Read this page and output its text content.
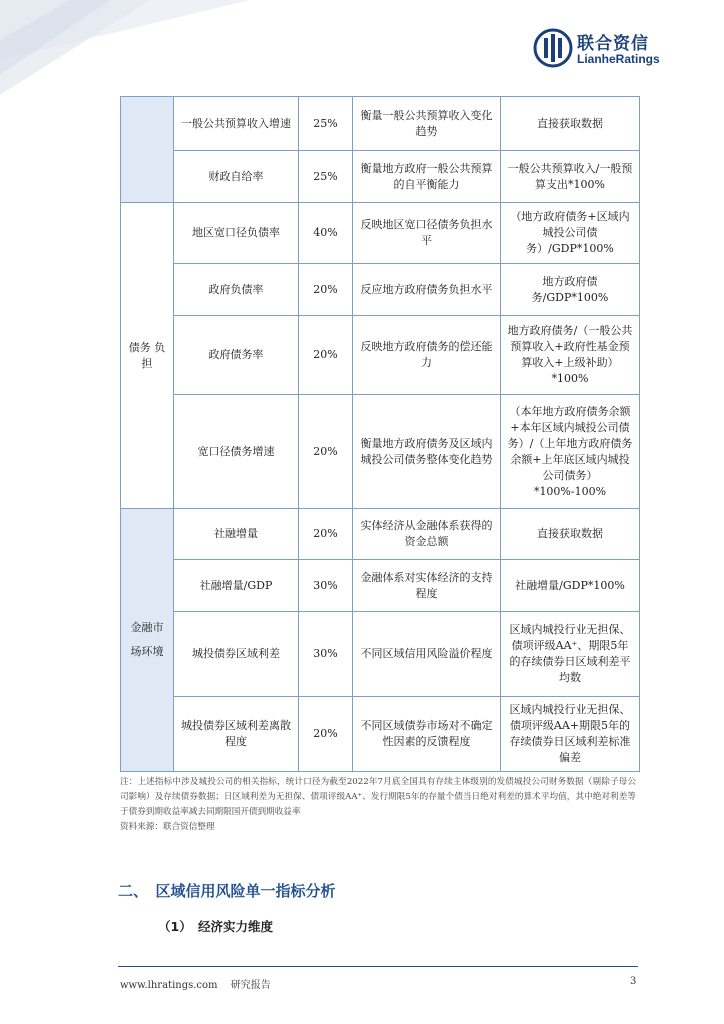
联合资信
LianheRatings
	一般公共预算收入增速	25%	衡量一般公共预算收入变化趋势	直接获取数据
	财政自给率	25%	衡量地方政府一般公共预算的自平衡能力	一般公共预算收入/一般预算支出*100%
债务 负担	地区宽口径负债率	40%	反映地区宽口径债务负担水平	（地方政府债务+区域内城投公司债务）/GDP*100%
	政府负债率	20%	反应地方政府债务负担水平	地方政府债务/GDP*100%
	政府债务率	20%	反映地方政府债务的偿还能力	地方政府债务/（一般公共预算收入+政府性基金预算收入+上级补助）*100%
	宽口径债务增速	20%	衡量地方政府债务及区域内城投公司债务整体变化趋势	（本年地方政府债务余额+本年区域内城投公司债务）/（上年地方政府债务余额+上年底区域内城投公司债务）*100%-100%

金融市
场环境	社融增量	20%	实体经济从金融体系获得的资金总额	直接获取数据
	社融增量/GDP	30%	金融体系对实体经济的支持程度	社融增量/GDP*100%
	城投债券区域利差	30%	不同区域信用风险溢价程度	区域内城投行业无担保、债项评级AA⁺、期限5年的存续债券日区域利差平均数
	城投债券区域利差离散程度	20%	不同区域债券市场对不确定性因素的反馈程度	区域内城投行业无担保、债项评级AA+期限5年的存续债券日区域利差标准偏差

注：上述指标中涉及城投公司的相关指标，统计口径为截至2022年7月底全国具有存续主体级别的发债城投公司财务数据（剔除子母公司影响）及存续债券数据；日区域利差为无担保、债项评级AA⁺、发行期限5年的存量个债当日绝对利差的算术平均值，其中绝对利差等于债券到期收益率减去同期限国开债到期收益率

资料来源：联合资信整理

二、　区域信用风险单一指标分析
（1）　经济实力维度
www.lhratings.com　 研究报告	3
